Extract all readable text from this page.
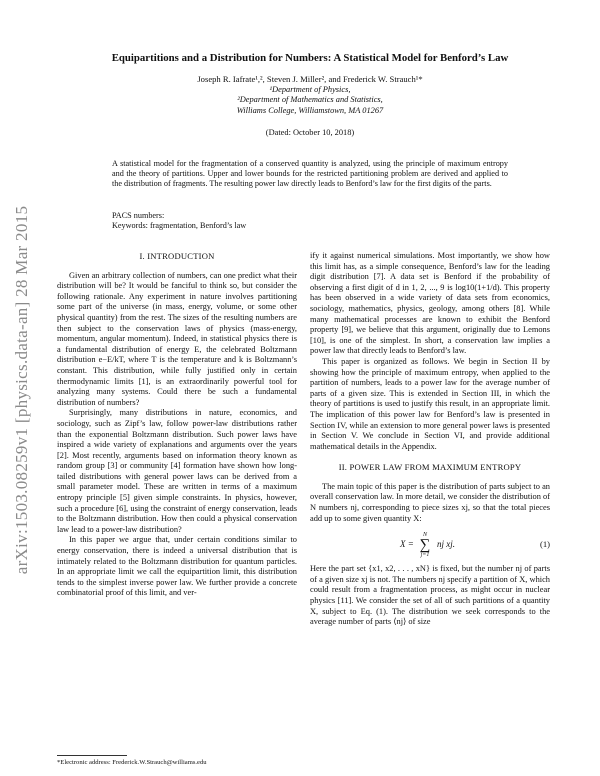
arXiv:1503.08259v1 [physics.data-an] 28 Mar 2015
Equipartitions and a Distribution for Numbers: A Statistical Model for Benford’s Law
Joseph R. Iafrate¹,², Steven J. Miller², and Frederick W. Strauch¹*
¹Department of Physics,
²Department of Mathematics and Statistics,
Williams College, Williamstown, MA 01267
(Dated: October 10, 2018)
A statistical model for the fragmentation of a conserved quantity is analyzed, using the principle of maximum entropy and the theory of partitions. Upper and lower bounds for the restricted partitioning problem are derived and applied to the distribution of fragments. The resulting power law directly leads to Benford’s law for the first digits of the parts.
PACS numbers:
Keywords: fragmentation, Benford’s law
I. INTRODUCTION

Given an arbitrary collection of numbers, can one predict what their distribution will be? It would be fanciful to think so, but consider the following rationale. Any experiment in nature involves partitioning some part of the universe (in mass, energy, volume, or some other physical quantity) from the rest. The sizes of the resulting numbers are then subject to the conservation laws of physics (mass-energy, momentum, angular momentum). Indeed, in statistical physics there is a fundamental distribution of energy E, the celebrated Boltzmann distribution e−E/kT, where T is the temperature and k is Boltzmann’s constant. This distribution, while fully justified only in certain thermodynamic limits [1], is an extraordinarily powerful tool for analyzing many systems. Could there be such a fundamental distribution of numbers?

Surprisingly, many distributions in nature, economics, and sociology, such as Zipf’s law, follow power-law distributions rather than the exponential Boltzmann distribution. Such power laws have inspired a wide variety of explanations and arguments over the years [2]. Most recently, arguments based on information theory known as random group [3] or community [4] formation have shown how long-tailed distributions with general power laws can be derived from a small parameter model. These are written in terms of a maximum entropy principle [5] given simple constraints. In physics, however, such a procedure [6], using the constraint of energy conservation, leads to the Boltzmann distribution. How then could a physical conservation law lead to a power-law distribution?

In this paper we argue that, under certain conditions similar to energy conservation, there is indeed a universal distribution that is intimately related to the Boltzmann distribution for quantum particles. In an appropriate limit we call the equipartition limit, this distribution tends to the simplest inverse power law. We further provide a concrete combinatorial proof of this limit, and ver-

ify it against numerical simulations. Most importantly, we show how this limit has, as a simple consequence, Benford’s law for the leading digit distribution [7]. A data set is Benford if the probability of observing a first digit of d in 1, 2, ..., 9 is log10(1+1/d). This property has been observed in a wide variety of data sets from economics, sociology, mathematics, physics, geology, among others [8]. While many mathematical processes are known to exhibit the Benford property [9], we believe that this argument, originally due to Lemons [10], is one of the simplest. In short, a conservation law implies a power law that directly leads to Benford’s law.

This paper is organized as follows. We begin in Section II by showing how the principle of maximum entropy, when applied to the partition of numbers, leads to a power law for the average number of parts of a given size. This is extended in Section III, in which the theory of partitions is used to justify this result, in an appropriate limit. The implication of this power law for Benford’s law is presented in Section IV, while an extension to more general power laws is presented in Section V. We conclude in Section VI, and provide additional mathematical details in the Appendix.

II. POWER LAW FROM MAXIMUM ENTROPY

The main topic of this paper is the distribution of parts subject to an overall conservation law. In more detail, we consider the distribution of N numbers nj, corresponding to piece sizes xj, so that the total pieces add up to some given quantity X:

X =
N
∑
j=1
nj xj.	(1)

Here the part set {x1, x2, . . . , xN} is fixed, but the number nj of parts of a given size xj is not. The numbers nj specify a partition of X, which could result from a fragmentation process, as might occur in nuclear physics [11]. We consider the set of all of such partitions of a quantity X, subject to Eq. (1). The distribution we seek corresponds to the average number of parts ⟨nj⟩ of size

*Electronic address: Frederick.W.Strauch@williams.edu
